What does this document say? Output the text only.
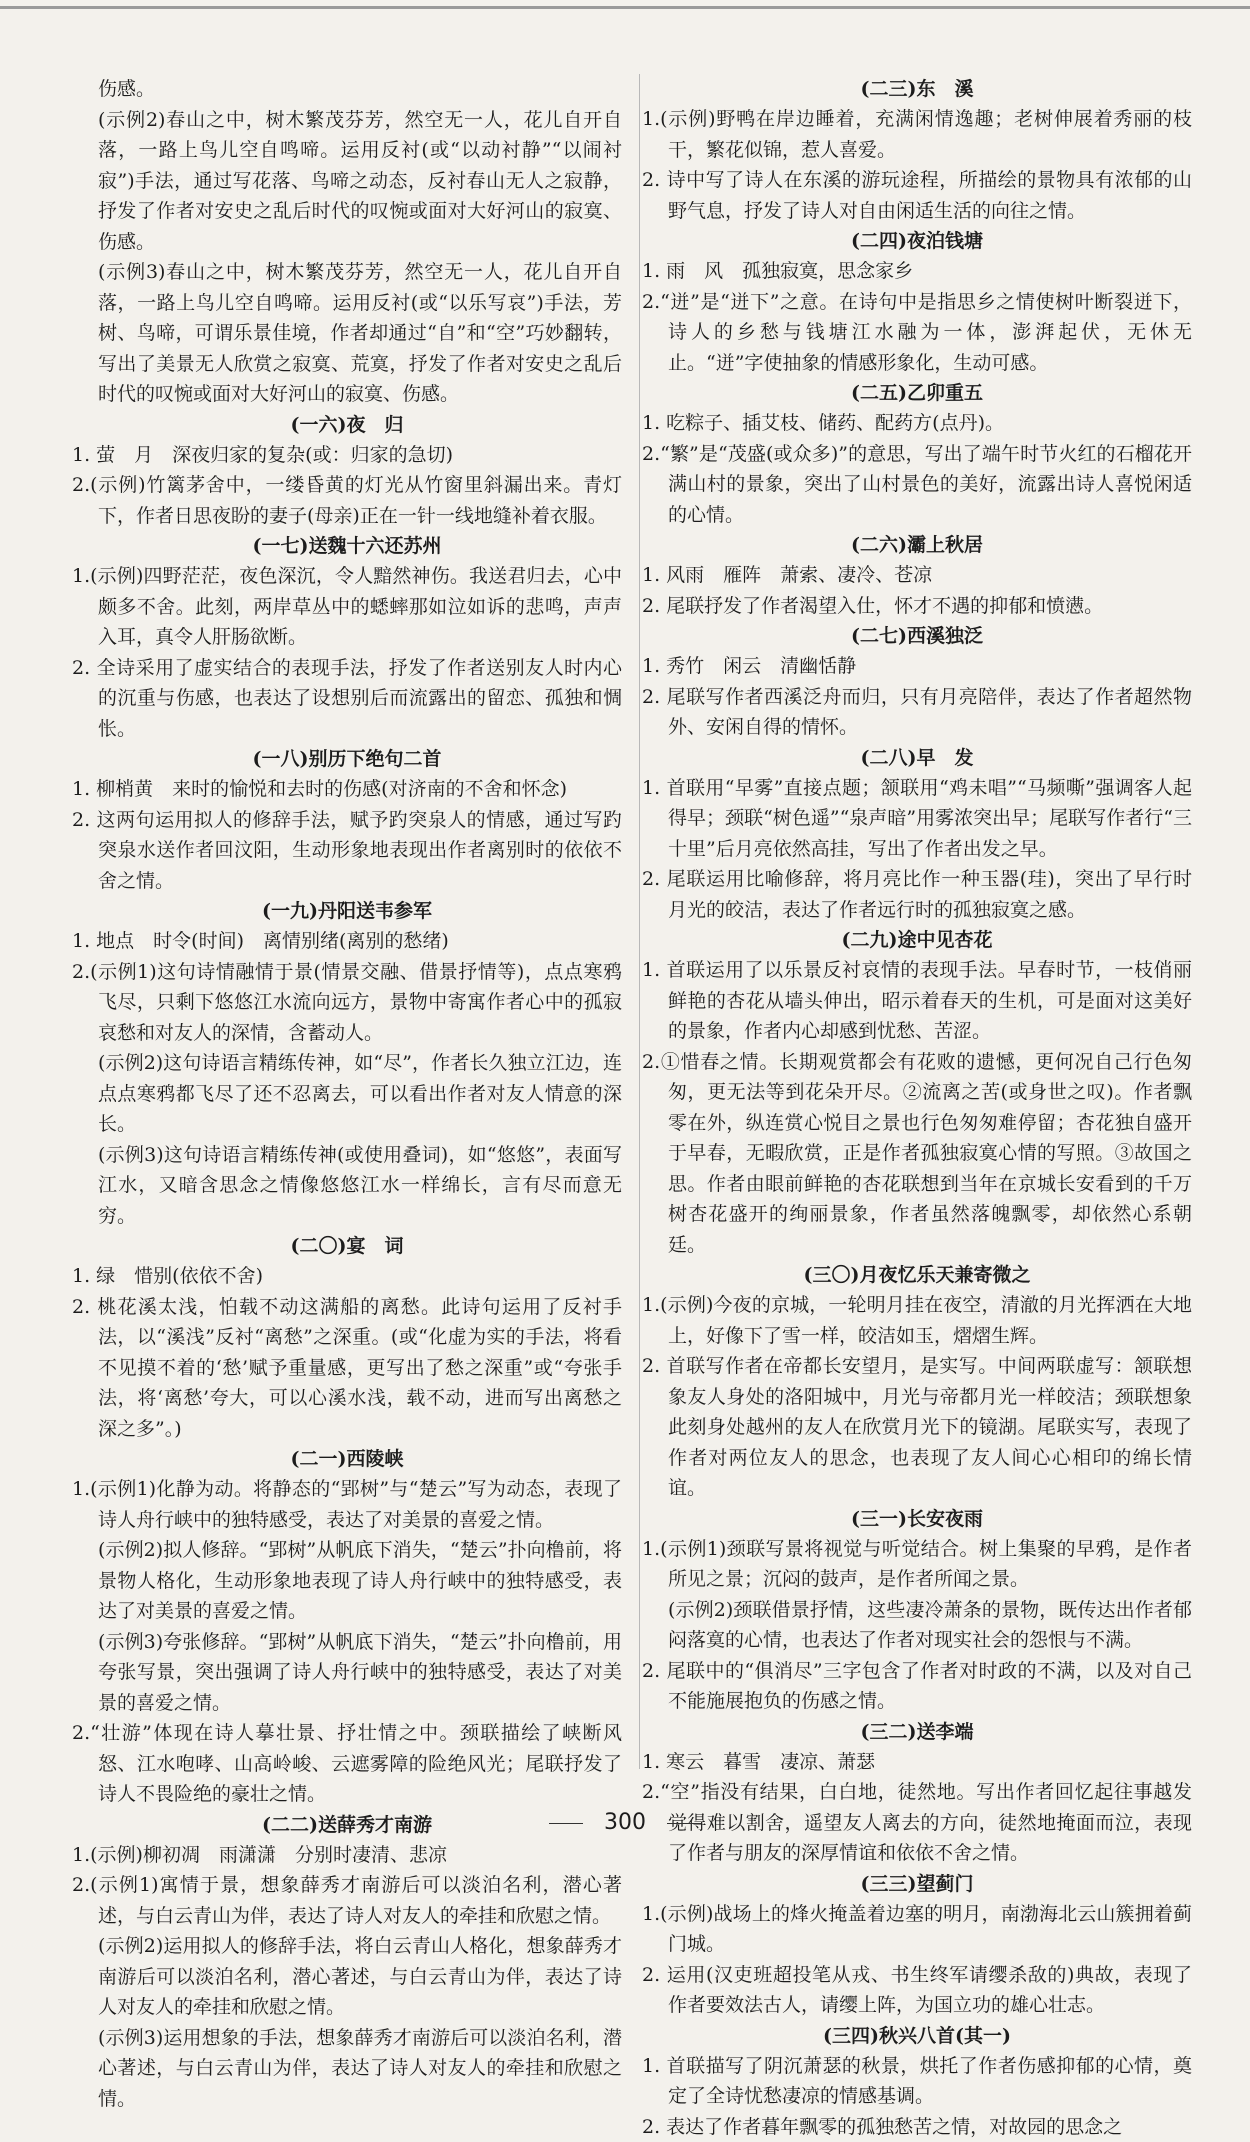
伤感。
(示例2)春山之中，树木繁茂芬芳，然空无一人，花儿自开自落，一路上鸟儿空自鸣啼。运用反衬(或“以动衬静”“以闹衬寂”)手法，通过写花落、鸟啼之动态，反衬春山无人之寂静，抒发了作者对安史之乱后时代的叹惋或面对大好河山的寂寞、伤感。
(示例3)春山之中，树木繁茂芬芳，然空无一人，花儿自开自落，一路上鸟儿空自鸣啼。运用反衬(或“以乐写哀”)手法，芳树、鸟啼，可谓乐景佳境，作者却通过“自”和“空”巧妙翻转，写出了美景无人欣赏之寂寞、荒寞，抒发了作者对安史之乱后时代的叹惋或面对大好河山的寂寞、伤感。
(一六)夜　归
1. 萤　月　深夜归家的复杂(或：归家的急切)
2.(示例)竹篱茅舍中，一缕昏黄的灯光从竹窗里斜漏出来。青灯下，作者日思夜盼的妻子(母亲)正在一针一线地缝补着衣服。
(一七)送魏十六还苏州
1.(示例)四野茫茫，夜色深沉，令人黯然神伤。我送君归去，心中颇多不舍。此刻，两岸草丛中的蟋蟀那如泣如诉的悲鸣，声声入耳，真令人肝肠欲断。
2. 全诗采用了虚实结合的表现手法，抒发了作者送别友人时内心的沉重与伤感，也表达了设想别后而流露出的留恋、孤独和惆怅。
(一八)别历下绝句二首
1. 柳梢黄　来时的愉悦和去时的伤感(对济南的不舍和怀念)
2. 这两句运用拟人的修辞手法，赋予趵突泉人的情感，通过写趵突泉水送作者回汶阳，生动形象地表现出作者离别时的依依不舍之情。
(一九)丹阳送韦参军
1. 地点　时令(时间)　离情别绪(离别的愁绪)
2.(示例1)这句诗情融情于景(情景交融、借景抒情等)，点点寒鸦飞尽，只剩下悠悠江水流向远方，景物中寄寓作者心中的孤寂哀愁和对友人的深情，含蓄动人。
(示例2)这句诗语言精练传神，如“尽”，作者长久独立江边，连点点寒鸦都飞尽了还不忍离去，可以看出作者对友人情意的深长。
(示例3)这句诗语言精练传神(或使用叠词)，如“悠悠”，表面写江水，又暗含思念之情像悠悠江水一样绵长，言有尽而意无穷。
(二〇)宴　词
1. 绿　惜别(依依不舍)
2. 桃花溪太浅，怕载不动这满船的离愁。此诗句运用了反衬手法，以“溪浅”反衬“离愁”之深重。(或“化虚为实的手法，将看不见摸不着的‘愁’赋予重量感，更写出了愁之深重”或“夸张手法，将‘离愁’夸大，可以心溪水浅，载不动，进而写出离愁之深之多”。)
(二一)西陵峡
1.(示例1)化静为动。将静态的“郢树”与“楚云”写为动态，表现了诗人舟行峡中的独特感受，表达了对美景的喜爱之情。
(示例2)拟人修辞。“郢树”从帆底下消失，“楚云”扑向橹前，将景物人格化，生动形象地表现了诗人舟行峡中的独特感受，表达了对美景的喜爱之情。
(示例3)夸张修辞。“郢树”从帆底下消失，“楚云”扑向橹前，用夸张写景，突出强调了诗人舟行峡中的独特感受，表达了对美景的喜爱之情。
2.“壮游”体现在诗人摹壮景、抒壮情之中。颈联描绘了峡断风怒、江水咆哮、山高岭峻、云遮雾障的险绝风光；尾联抒发了诗人不畏险绝的豪壮之情。
(二二)送薛秀才南游
1.(示例)柳初凋　雨潇潇　分别时凄清、悲凉
2.(示例1)寓情于景，想象薛秀才南游后可以淡泊名利，潜心著述，与白云青山为伴，表达了诗人对友人的牵挂和欣慰之情。
(示例2)运用拟人的修辞手法，将白云青山人格化，想象薛秀才南游后可以淡泊名利，潜心著述，与白云青山为伴，表达了诗人对友人的牵挂和欣慰之情。
(示例3)运用想象的手法，想象薛秀才南游后可以淡泊名利，潜心著述，与白云青山为伴，表达了诗人对友人的牵挂和欣慰之情。
(二三)东　溪
1.(示例)野鸭在岸边睡着，充满闲情逸趣；老树伸展着秀丽的枝干，繁花似锦，惹人喜爱。
2. 诗中写了诗人在东溪的游玩途程，所描绘的景物具有浓郁的山野气息，抒发了诗人对自由闲适生活的向往之情。
(二四)夜泊钱塘
1. 雨　风　孤独寂寞，思念家乡
2.“迸”是“迸下”之意。在诗句中是指思乡之情使树叶断裂迸下，诗人的乡愁与钱塘江水融为一体，澎湃起伏，无休无止。“迸”字使抽象的情感形象化，生动可感。
(二五)乙卯重五
1. 吃粽子、插艾枝、储药、配药方(点丹)。
2.“繁”是“茂盛(或众多)”的意思，写出了端午时节火红的石榴花开满山村的景象，突出了山村景色的美好，流露出诗人喜悦闲适的心情。
(二六)灞上秋居
1. 风雨　雁阵　萧索、凄冷、苍凉
2. 尾联抒发了作者渴望入仕，怀才不遇的抑郁和愤懑。
(二七)西溪独泛
1. 秀竹　闲云　清幽恬静
2. 尾联写作者西溪泛舟而归，只有月亮陪伴，表达了作者超然物外、安闲自得的情怀。
(二八)早　发
1. 首联用“早雾”直接点题；颔联用“鸡未唱”“马频嘶”强调客人起得早；颈联“树色遥”“泉声暗”用雾浓突出早；尾联写作者行“三十里”后月亮依然高挂，写出了作者出发之早。
2. 尾联运用比喻修辞，将月亮比作一种玉器(珪)，突出了早行时月光的皎洁，表达了作者远行时的孤独寂寞之感。
(二九)途中见杏花
1. 首联运用了以乐景反衬哀情的表现手法。早春时节，一枝俏丽鲜艳的杏花从墙头伸出，昭示着春天的生机，可是面对这美好的景象，作者内心却感到忧愁、苦涩。
2.①惜春之情。长期观赏都会有花败的遗憾，更何况自己行色匆匆，更无法等到花朵开尽。②流离之苦(或身世之叹)。作者飘零在外，纵连赏心悦目之景也行色匆匆难停留；杏花独自盛开于早春，无暇欣赏，正是作者孤独寂寞心情的写照。③故国之思。作者由眼前鲜艳的杏花联想到当年在京城长安看到的千万树杏花盛开的绚丽景象，作者虽然落魄飘零，却依然心系朝廷。
(三〇)月夜忆乐天兼寄微之
1.(示例)今夜的京城，一轮明月挂在夜空，清澈的月光挥洒在大地上，好像下了雪一样，皎洁如玉，熠熠生辉。
2. 首联写作者在帝都长安望月，是实写。中间两联虚写：颔联想象友人身处的洛阳城中，月光与帝都月光一样皎洁；颈联想象此刻身处越州的友人在欣赏月光下的镜湖。尾联实写，表现了作者对两位友人的思念，也表现了友人间心心相印的绵长情谊。
(三一)长安夜雨
1.(示例1)颈联写景将视觉与听觉结合。树上集聚的早鸦，是作者所见之景；沉闷的鼓声，是作者所闻之景。
(示例2)颈联借景抒情，这些凄冷萧条的景物，既传达出作者郁闷落寞的心情，也表达了作者对现实社会的怨恨与不满。
2. 尾联中的“俱消尽”三字包含了作者对时政的不满，以及对自己不能施展抱负的伤感之情。
(三二)送李端
1. 寒云　暮雪　凄凉、萧瑟
2.“空”指没有结果，白白地，徒然地。写出作者回忆起往事越发觉得难以割舍，遥望友人离去的方向，徒然地掩面而泣，表现了作者与朋友的深厚情谊和依依不舍之情。
(三三)望蓟门
1.(示例)战场上的烽火掩盖着边塞的明月，南渤海北云山簇拥着蓟门城。
2. 运用(汉吏班超投笔从戎、书生终军请缨杀敌的)典故，表现了作者要效法古人，请缨上阵，为国立功的雄心壮志。
(三四)秋兴八首(其一)
1. 首联描写了阴沉萧瑟的秋景，烘托了作者伤感抑郁的心情，奠定了全诗忧愁凄凉的情感基调。
2. 表达了作者暮年飘零的孤独愁苦之情，对故园的思念之
300
